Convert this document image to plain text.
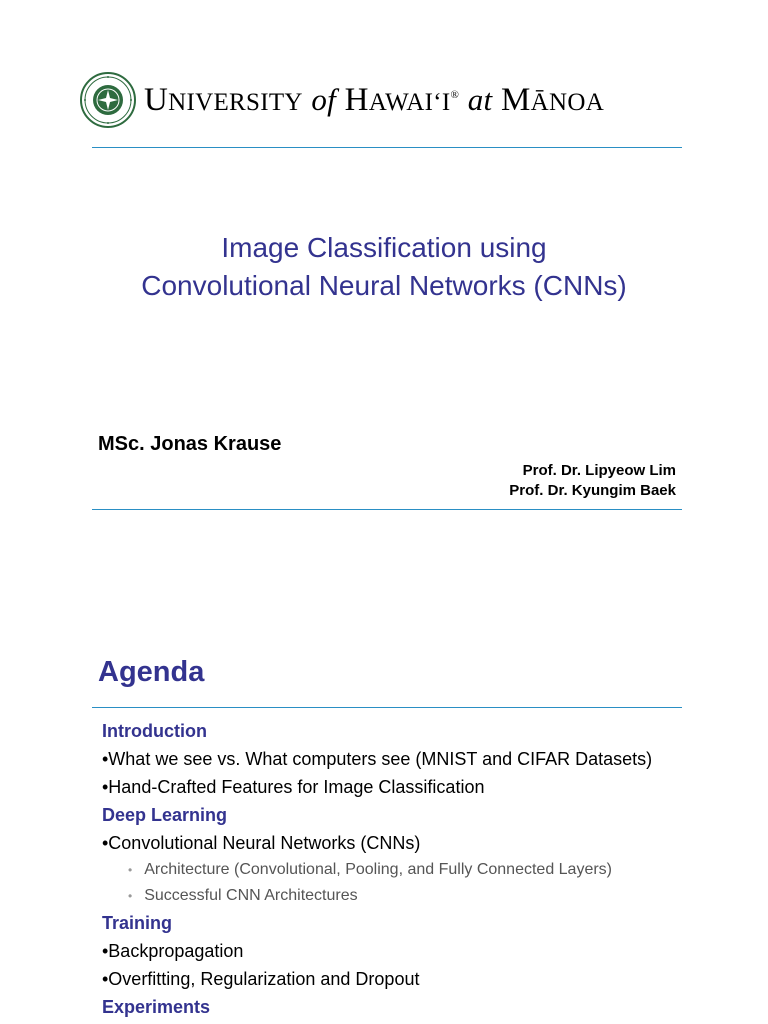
UNIVERSITY of HAWAIʻI® at MĀNOA
Image Classification using
Convolutional Neural Networks (CNNs)
MSc. Jonas Krause
Prof. Dr. Lipyeow Lim
Prof. Dr. Kyungim Baek
Agenda
Introduction
•What we see vs. What computers see (MNIST and CIFAR Datasets)
•Hand-Crafted Features for Image Classification
Deep Learning
•Convolutional Neural Networks (CNNs)
• Architecture (Convolutional, Pooling, and Fully Connected Layers)
• Successful CNN Architectures
Training
•Backpropagation
•Overfitting, Regularization and Dropout
Experiments
